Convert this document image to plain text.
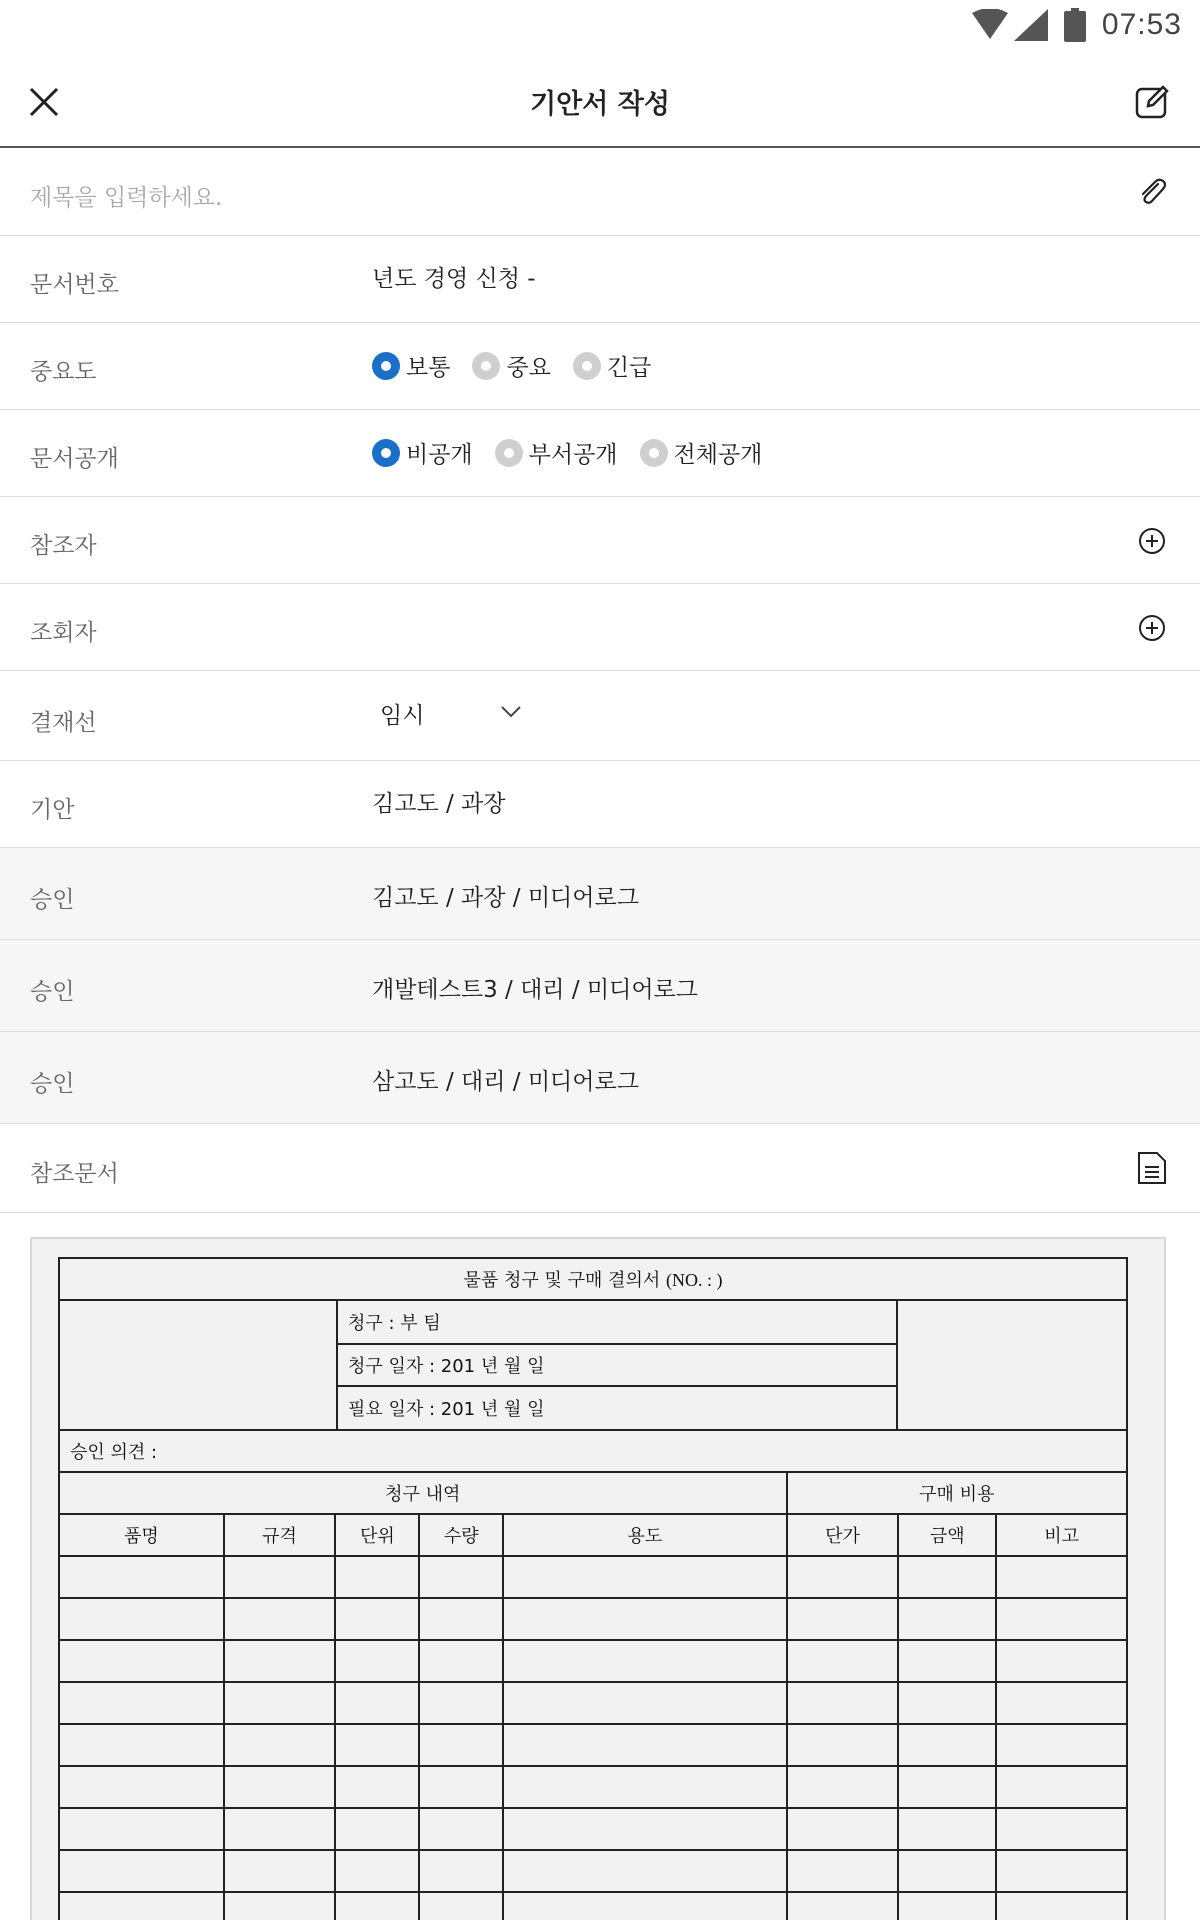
07:53
기안서 작성
제목을 입력하세요.
문서번호	년도 경영 신청 -
중요도	보통 중요 긴급
문서공개	비공개 부서공개 전체공개
참조자
조회자
결재선	임시
기안	김고도 / 과장
승인	김고도 / 과장 / 미디어로그
승인	개발테스트3 / 대리 / 미디어로그
승인	삼고도 / 대리 / 미디어로그
참조문서
물품 청구 및 구매 결의서 (NO. : )

	청구 : 부 팀	
청구 일자 : 201 년 월 일
필요 일자 : 201 년 월 일

승인 의견 :
청구 내역	구매 비용
품명	규격	단위	수량	용도	단가	금액	비고
